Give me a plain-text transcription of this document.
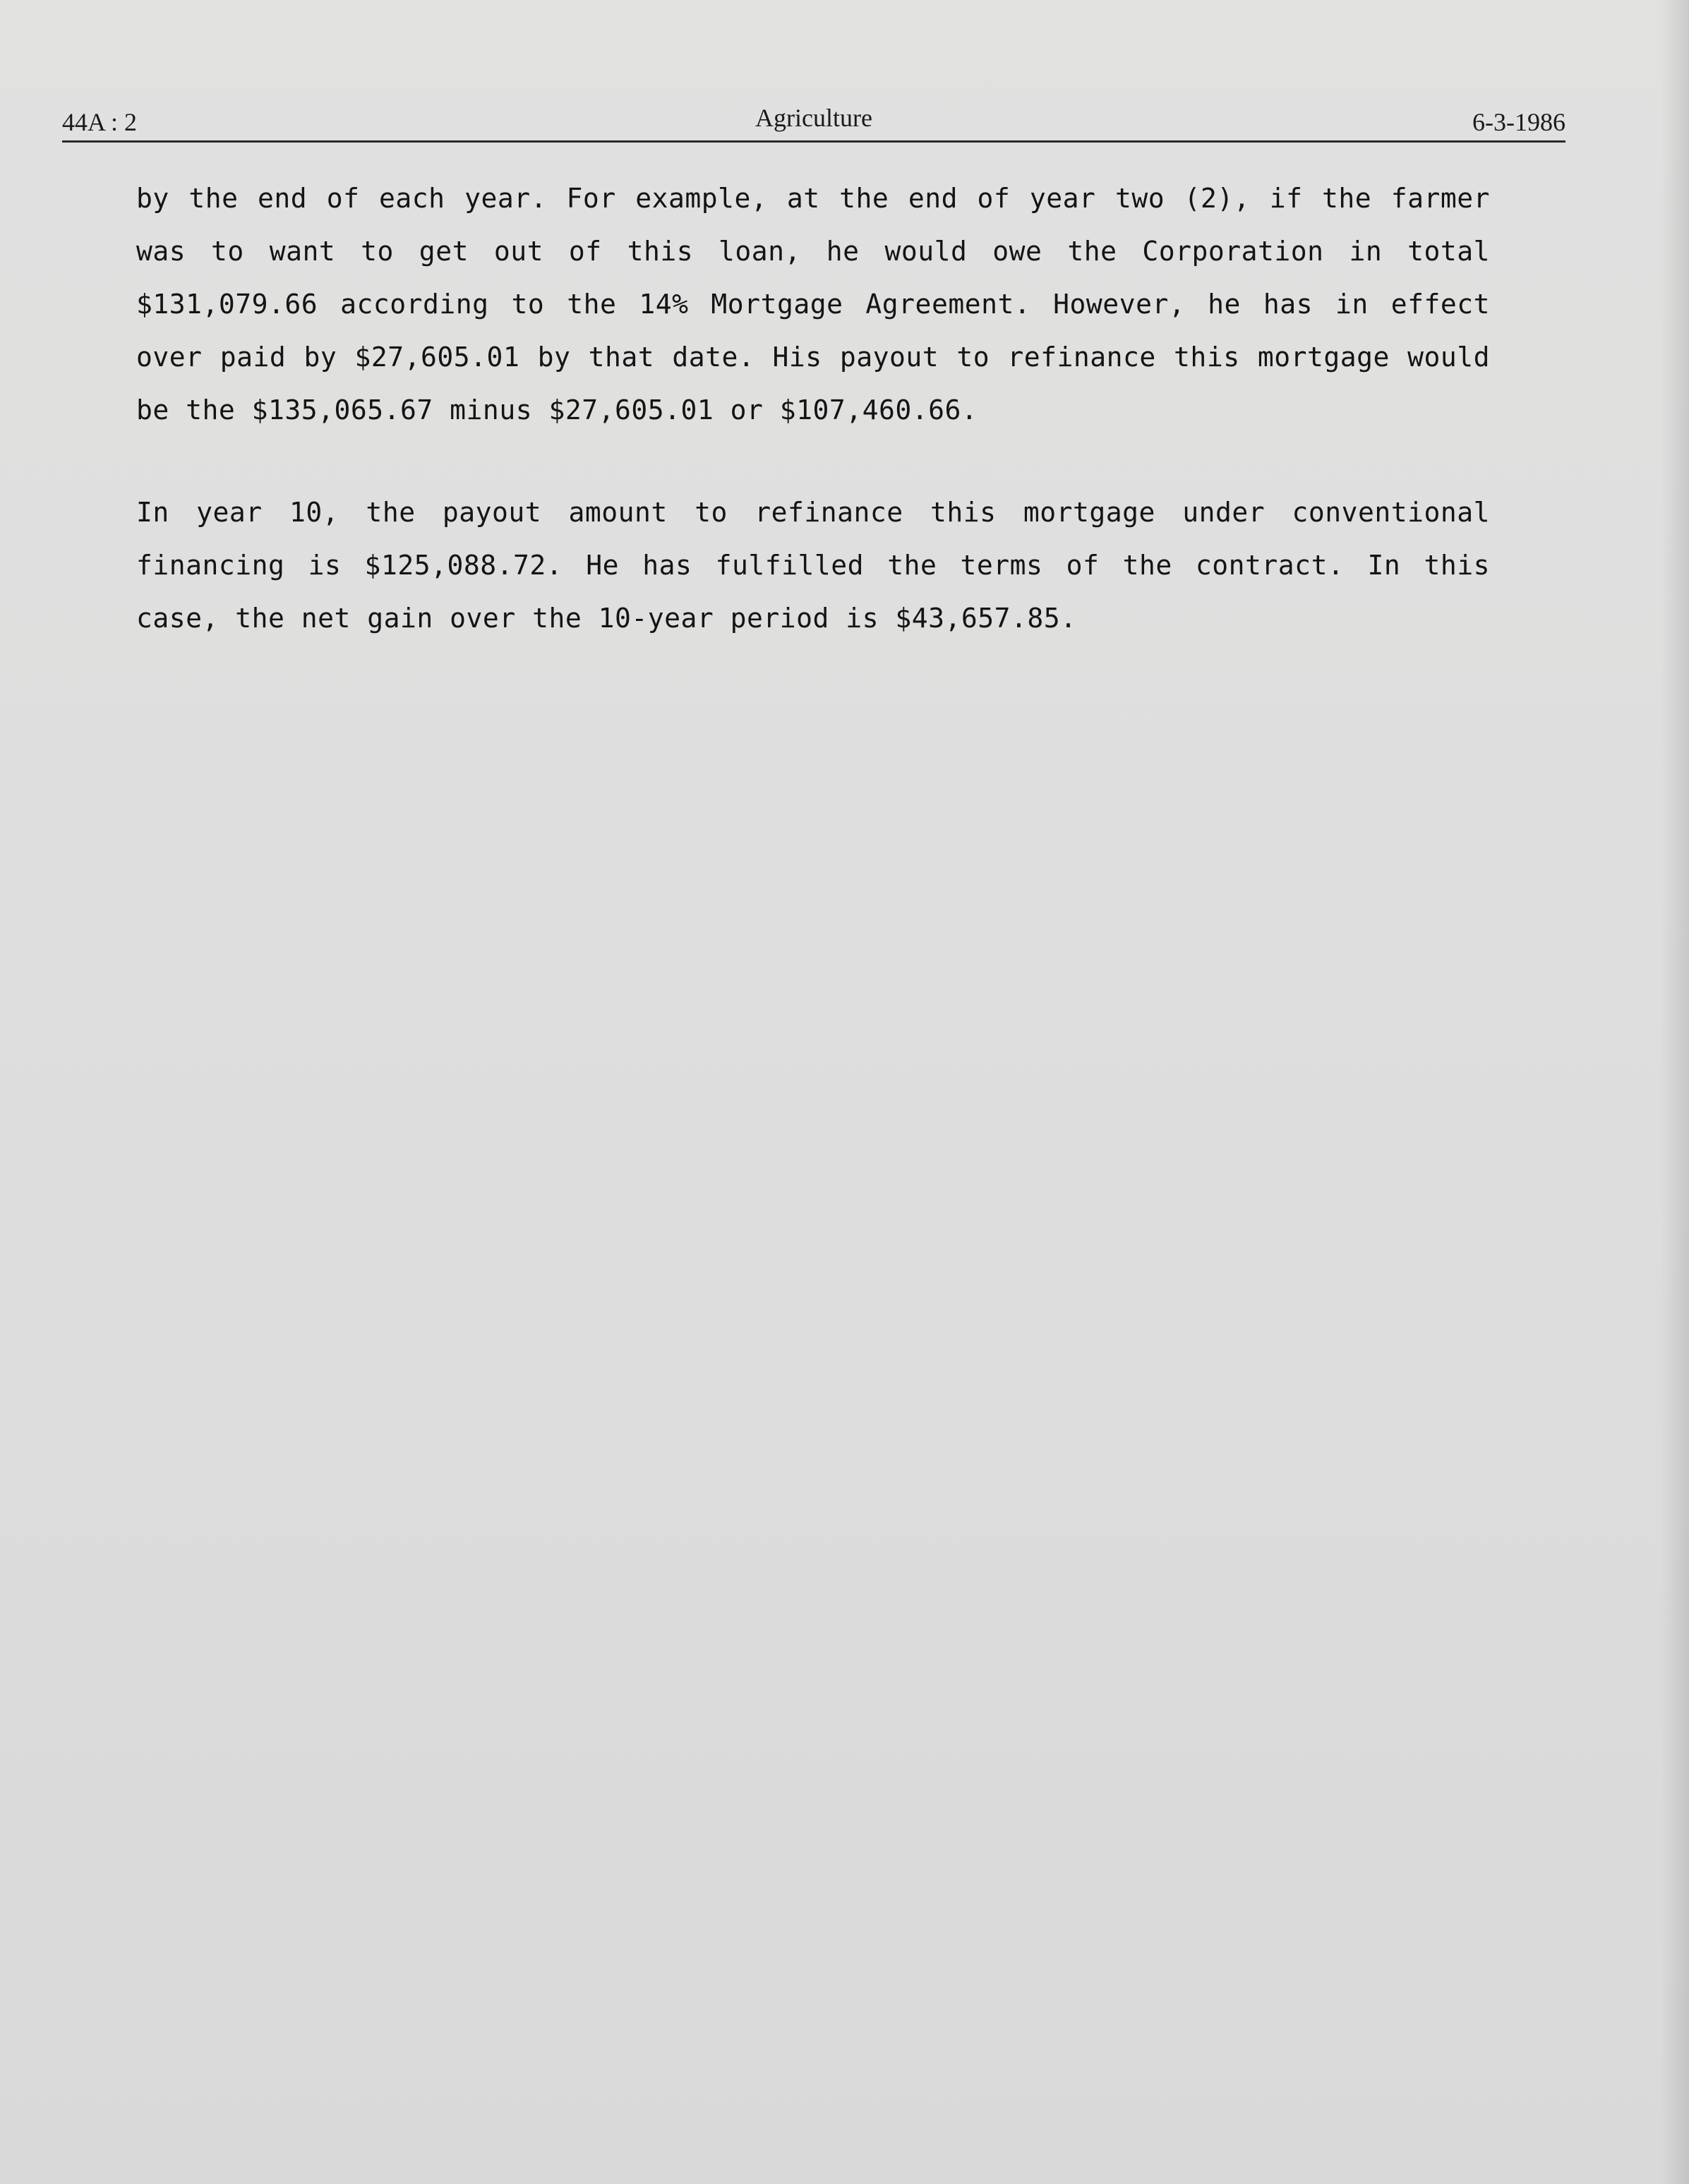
44A : 2	Agriculture	6-3-1986

by the end of each year. For example, at the end of year two (2), if the farmer was to want to get out of this loan, he would owe the Corporation in total $131,079.66 according to the 14% Mortgage Agreement. However, he has in effect over paid by $27,605.01 by that date. His payout to refinance this mortgage would be the $135,065.67 minus $27,605.01 or $107,460.66.

In year 10, the payout amount to refinance this mortgage under conventional financing is $125,088.72. He has fulfilled the terms of the contract. In this case, the net gain over the 10-year period is $43,657.85.
